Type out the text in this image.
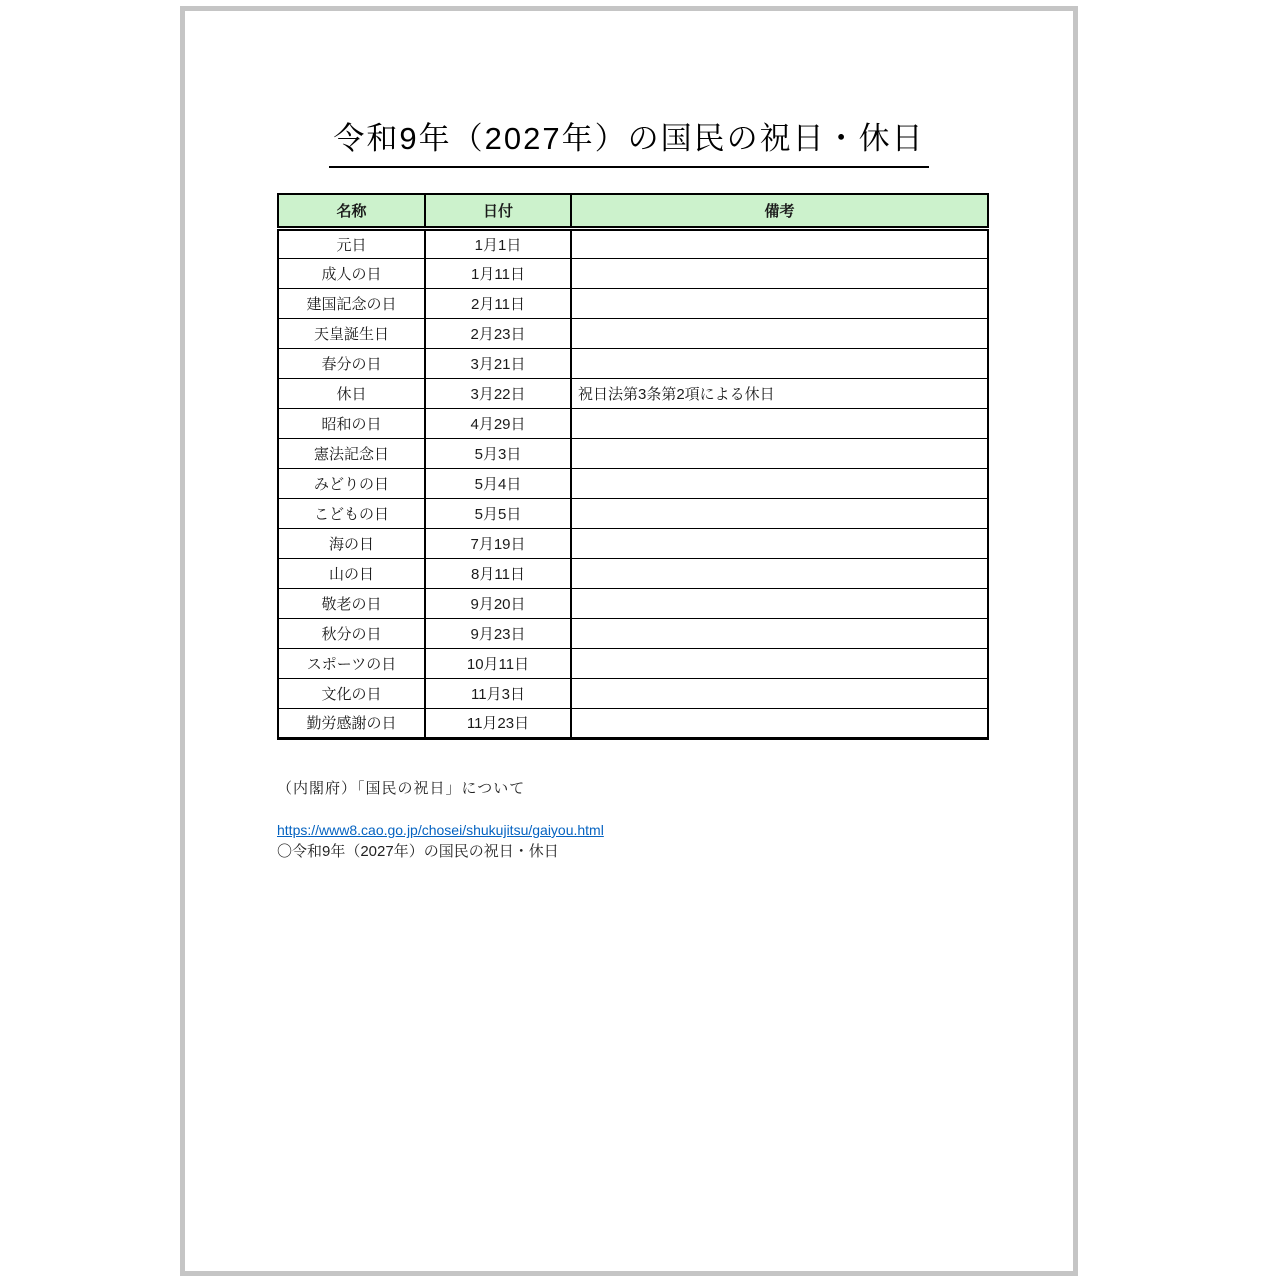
令和9年（2027年）の国民の祝日・休日
名称	日付	備考
元日	1月1日	
成人の日	1月11日	
建国記念の日	2月11日	
天皇誕生日	2月23日	
春分の日	3月21日	
休日	3月22日	祝日法第3条第2項による休日
昭和の日	4月29日	
憲法記念日	5月3日	
みどりの日	5月4日	
こどもの日	5月5日	
海の日	7月19日	
山の日	8月11日	
敬老の日	9月20日	
秋分の日	9月23日	
スポーツの日	10月11日	
文化の日	11月3日	
勤労感謝の日	11月23日	
（内閣府）「国民の祝日」について
https://www8.cao.go.jp/chosei/shukujitsu/gaiyou.html
〇令和9年（2027年）の国民の祝日・休日
